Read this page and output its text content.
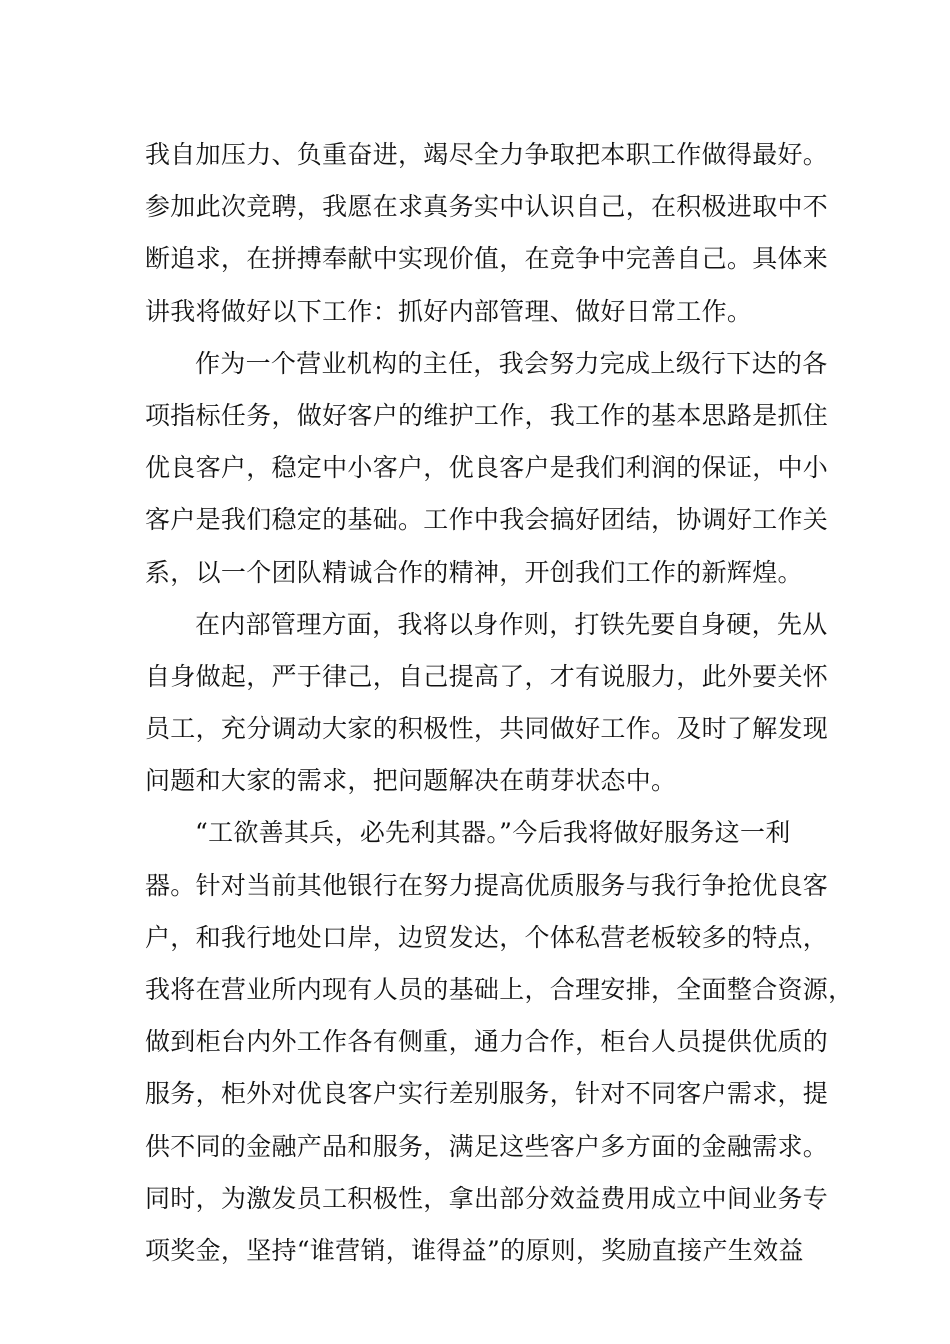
我自加压力、负重奋进，竭尽全力争取把本职工作做得最好。
参加此次竞聘，我愿在求真务实中认识自己，在积极进取中不
断追求，在拼搏奉献中实现价值，在竞争中完善自己。具体来
讲我将做好以下工作：抓好内部管理、做好日常工作。
作为一个营业机构的主任，我会努力完成上级行下达的各
项指标任务，做好客户的维护工作，我工作的基本思路是抓住
优良客户，稳定中小客户，优良客户是我们利润的保证，中小
客户是我们稳定的基础。工作中我会搞好团结，协调好工作关
系，以一个团队精诚合作的精神，开创我们工作的新辉煌。
在内部管理方面，我将以身作则，打铁先要自身硬，先从
自身做起，严于律己，自己提高了，才有说服力，此外要关怀
员工，充分调动大家的积极性，共同做好工作。及时了解发现
问题和大家的需求，把问题解决在萌芽状态中。
“工欲善其兵，必先利其器。”今后我将做好服务这一利
器。针对当前其他银行在努力提高优质服务与我行争抢优良客
户，和我行地处口岸，边贸发达，个体私营老板较多的特点，
我将在营业所内现有人员的基础上，合理安排，全面整合资源，
做到柜台内外工作各有侧重，通力合作，柜台人员提供优质的
服务，柜外对优良客户实行差别服务，针对不同客户需求，提
供不同的金融产品和服务，满足这些客户多方面的金融需求。
同时，为激发员工积极性，拿出部分效益费用成立中间业务专
项奖金，坚持“谁营销，谁得益”的原则，奖励直接产生效益
